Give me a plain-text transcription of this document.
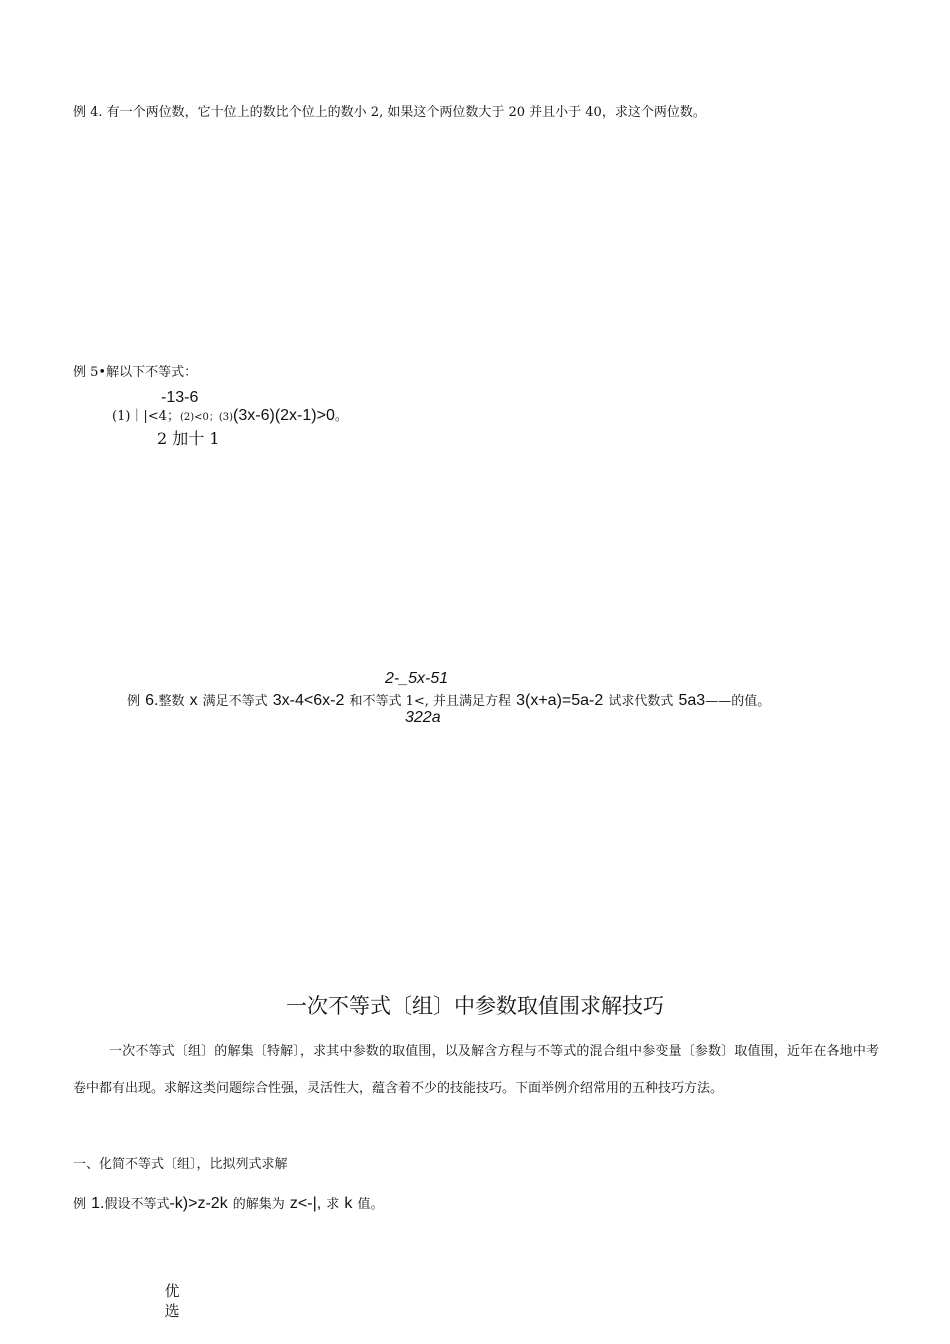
例 4. 有一个两位数，它十位上的数比个位上的数小 2, 如果这个两位数大于 20 并且小于 40，求这个两位数。
例 5•解以下不等式：
-13-6
(1)｜|<4；(2)<0；(3)(3x-6)(2x-1)>0。
2 加十 1
2-_5x-51
例 6.整数 x 满足不等式 3x-4<6x-2 和不等式 1<, 并且满足方程 3(x+a)=5a-2 试求代数式 5a3——的值。
322a
一次不等式〔组〕中参数取值围求解技巧
一次不等式〔组〕的解集〔特解〕，求其中参数的取值围，以及解含方程与不等式的混合组中参变量〔参数〕取值围，近年在各地中考卷中都有出现。求解这类问题综合性强，灵活性大，蕴含着不少的技能技巧。下面举例介绍常用的五种技巧方法。
一、化简不等式〔组〕，比拟列式求解
例 1.假设不等式-k)>z-2k 的解集为 z<-|, 求 k 值。
优选
